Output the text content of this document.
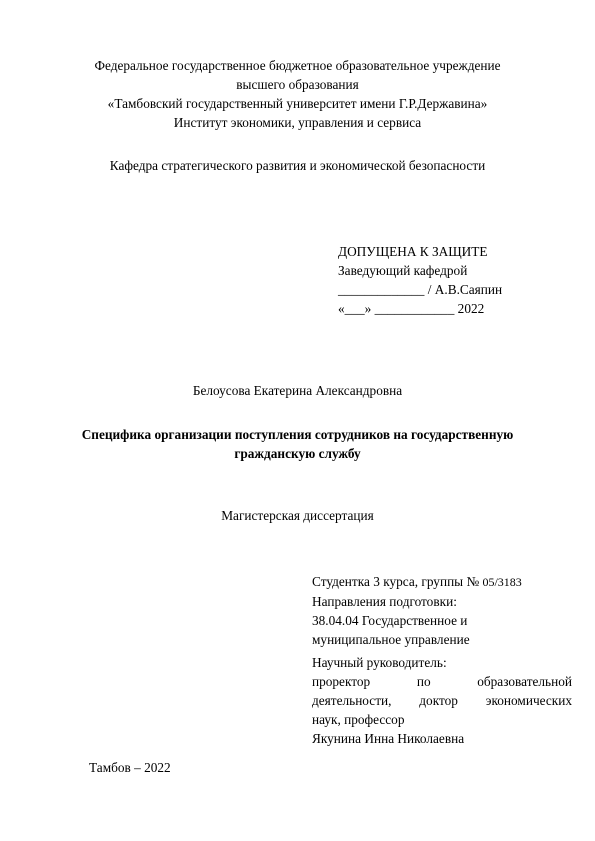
Федеральное государственное бюджетное образовательное учреждение
высшего образования
«Тамбовский государственный университет имени Г.Р.Державина»
Институт экономики, управления и сервиса
Кафедра стратегического развития и экономической безопасности
ДОПУЩЕНА К ЗАЩИТЕ
Заведующий кафедрой
_____________ / А.В.Саяпин
«___» ____________ 2022
Белоусова Екатерина Александровна
Специфика организации поступления сотрудников на государственную
гражданскую службу
Магистерская диссертация
Студентка 3 курса, группы № 05/3183
Направления подготовки:
38.04.04 Государственное и
муниципальное управление
Научный руководитель:
проректор по образовательной
деятельности, доктор экономических
наук, профессор
Якунина Инна Николаевна
Тамбов – 2022
